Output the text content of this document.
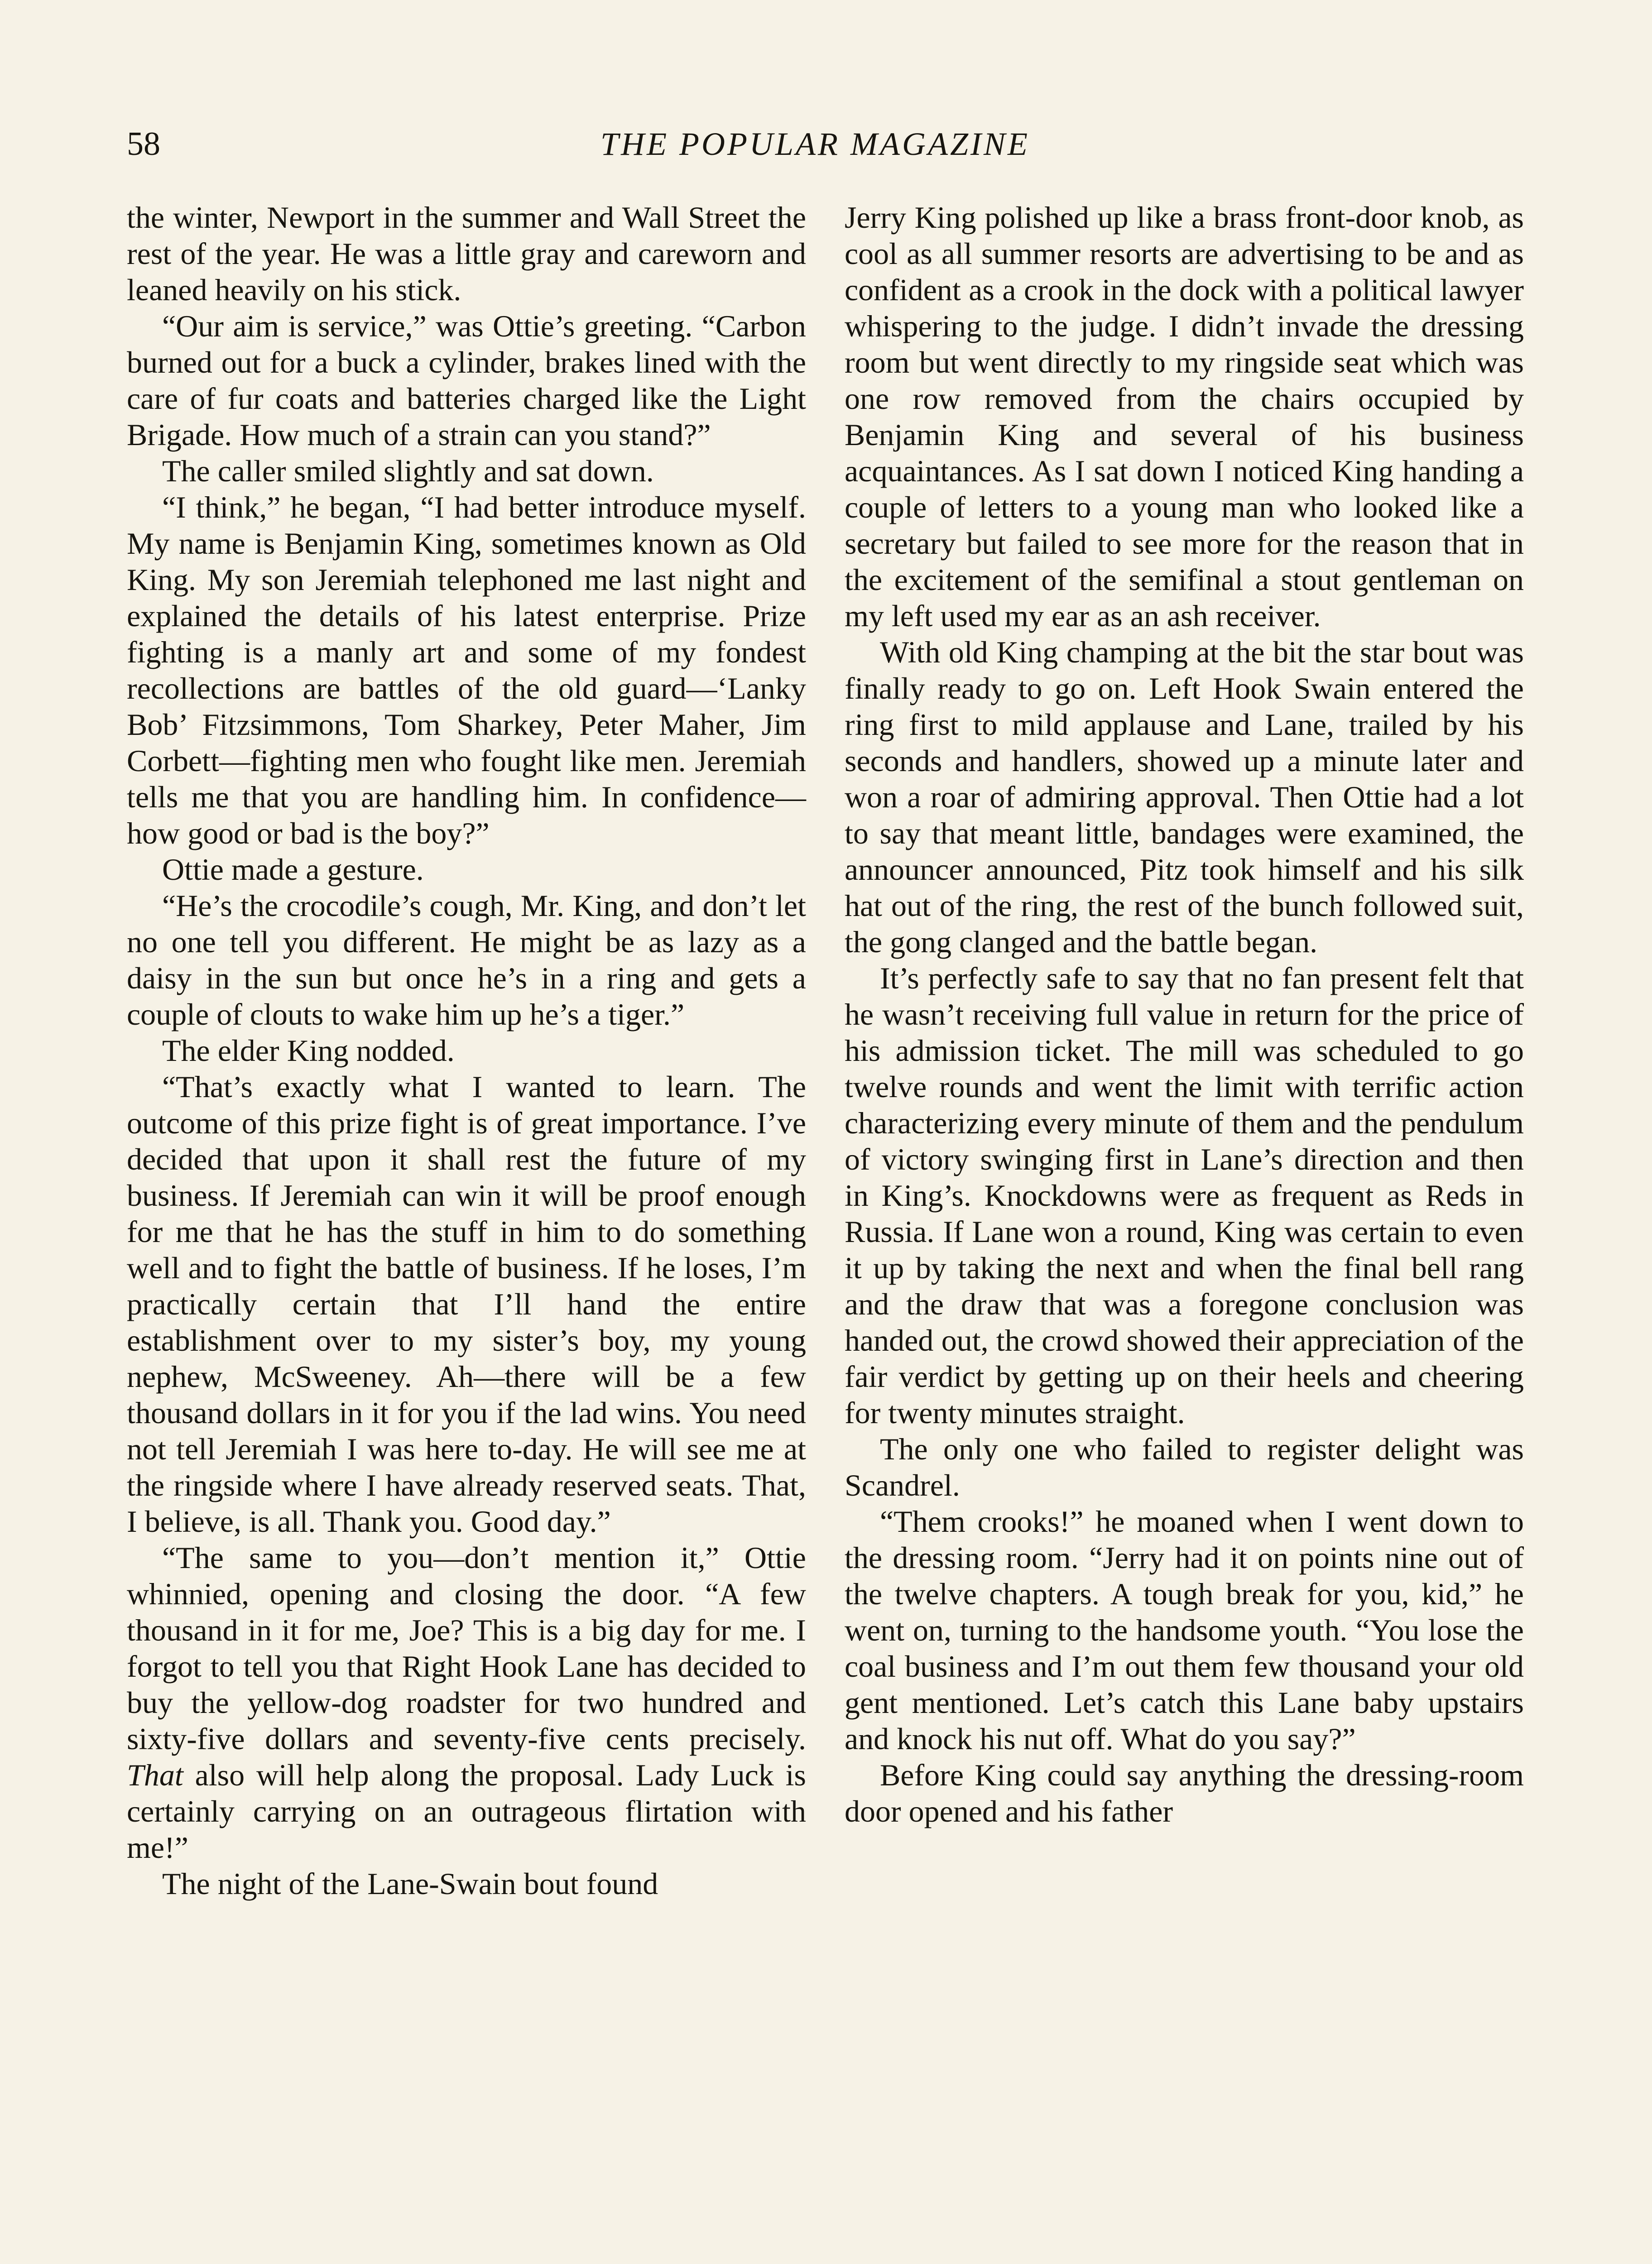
58	THE POPULAR MAGAZINE

the winter, Newport in the summer and Wall Street the rest of the year. He was a little gray and careworn and leaned heavily on his stick.

“Our aim is service,” was Ottie’s greeting. “Carbon burned out for a buck a cylinder, brakes lined with the care of fur coats and batteries charged like the Light Brigade. How much of a strain can you stand?”

The caller smiled slightly and sat down.

“I think,” he began, “I had better introduce myself. My name is Benjamin King, sometimes known as Old King. My son Jeremiah telephoned me last night and explained the details of his latest enterprise. Prize fighting is a manly art and some of my fondest recollections are battles of the old guard—‘Lanky Bob’ Fitzsimmons, Tom Sharkey, Peter Maher, Jim Corbett—fighting men who fought like men. Jeremiah tells me that you are handling him. In confidence—how good or bad is the boy?”

Ottie made a gesture.

“He’s the crocodile’s cough, Mr. King, and don’t let no one tell you different. He might be as lazy as a daisy in the sun but once he’s in a ring and gets a couple of clouts to wake him up he’s a tiger.”

The elder King nodded.

“That’s exactly what I wanted to learn. The outcome of this prize fight is of great importance. I’ve decided that upon it shall rest the future of my business. If Jeremiah can win it will be proof enough for me that he has the stuff in him to do something well and to fight the battle of business. If he loses, I’m practically certain that I’ll hand the entire establishment over to my sister’s boy, my young nephew, McSweeney. Ah—there will be a few thousand dollars in it for you if the lad wins. You need not tell Jeremiah I was here to-day. He will see me at the ringside where I have already reserved seats. That, I believe, is all. Thank you. Good day.”

“The same to you—don’t mention it,” Ottie whinnied, opening and closing the door. “A few thousand in it for me, Joe? This is a big day for me. I forgot to tell you that Right Hook Lane has decided to buy the yellow-dog roadster for two hundred and sixty-five dollars and seventy-five cents precisely. That also will help along the proposal. Lady Luck is certainly carrying on an outrageous flirtation with me!”

The night of the Lane-Swain bout found

Jerry King polished up like a brass front-door knob, as cool as all summer resorts are advertising to be and as confident as a crook in the dock with a political lawyer whispering to the judge. I didn’t invade the dressing room but went directly to my ringside seat which was one row removed from the chairs occupied by Benjamin King and several of his business acquaintances. As I sat down I noticed King handing a couple of letters to a young man who looked like a secretary but failed to see more for the reason that in the excitement of the semifinal a stout gentleman on my left used my ear as an ash receiver.

With old King champing at the bit the star bout was finally ready to go on. Left Hook Swain entered the ring first to mild applause and Lane, trailed by his seconds and handlers, showed up a minute later and won a roar of admiring approval. Then Ottie had a lot to say that meant little, bandages were examined, the announcer announced, Pitz took himself and his silk hat out of the ring, the rest of the bunch followed suit, the gong clanged and the battle began.

It’s perfectly safe to say that no fan present felt that he wasn’t receiving full value in return for the price of his admission ticket. The mill was scheduled to go twelve rounds and went the limit with terrific action characterizing every minute of them and the pendulum of victory swinging first in Lane’s direction and then in King’s. Knockdowns were as frequent as Reds in Russia. If Lane won a round, King was certain to even it up by taking the next and when the final bell rang and the draw that was a foregone conclusion was handed out, the crowd showed their appreciation of the fair verdict by getting up on their heels and cheering for twenty minutes straight.

The only one who failed to register delight was Scandrel.

“Them crooks!” he moaned when I went down to the dressing room. “Jerry had it on points nine out of the twelve chapters. A tough break for you, kid,” he went on, turning to the handsome youth. “You lose the coal business and I’m out them few thousand your old gent mentioned. Let’s catch this Lane baby upstairs and knock his nut off. What do you say?”

Before King could say anything the dressing-room door opened and his father
